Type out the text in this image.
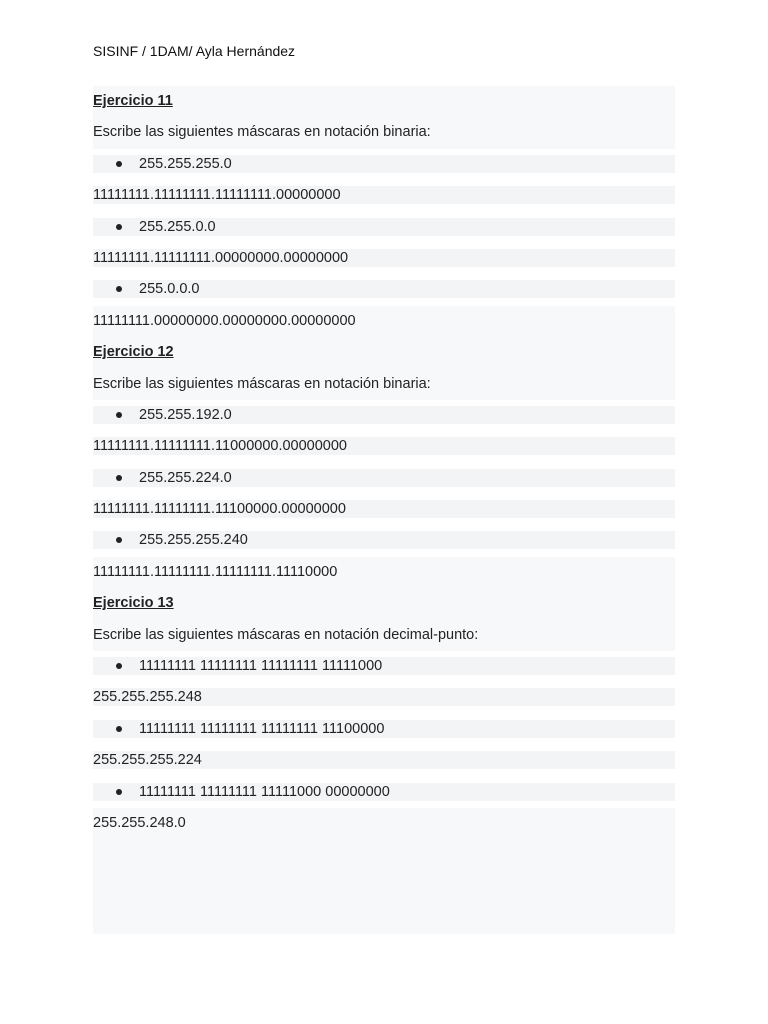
SISINF / 1DAM/ Ayla Hernández
Ejercicio 11
Escribe las siguientes máscaras en notación binaria:
255.255.255.0
11111111.11111111.11111111.00000000
255.255.0.0
11111111.11111111.00000000.00000000
255.0.0.0
11111111.00000000.00000000.00000000
Ejercicio 12
Escribe las siguientes máscaras en notación binaria:
255.255.192.0
11111111.11111111.11000000.00000000
255.255.224.0
11111111.11111111.11100000.00000000
255.255.255.240
11111111.11111111.11111111.11110000
Ejercicio 13
Escribe las siguientes máscaras en notación decimal-punto:
11111111 11111111 11111111 11111000
255.255.255.248
11111111 11111111 11111111 11100000
255.255.255.224
11111111 11111111 11111000 00000000
255.255.248.0
